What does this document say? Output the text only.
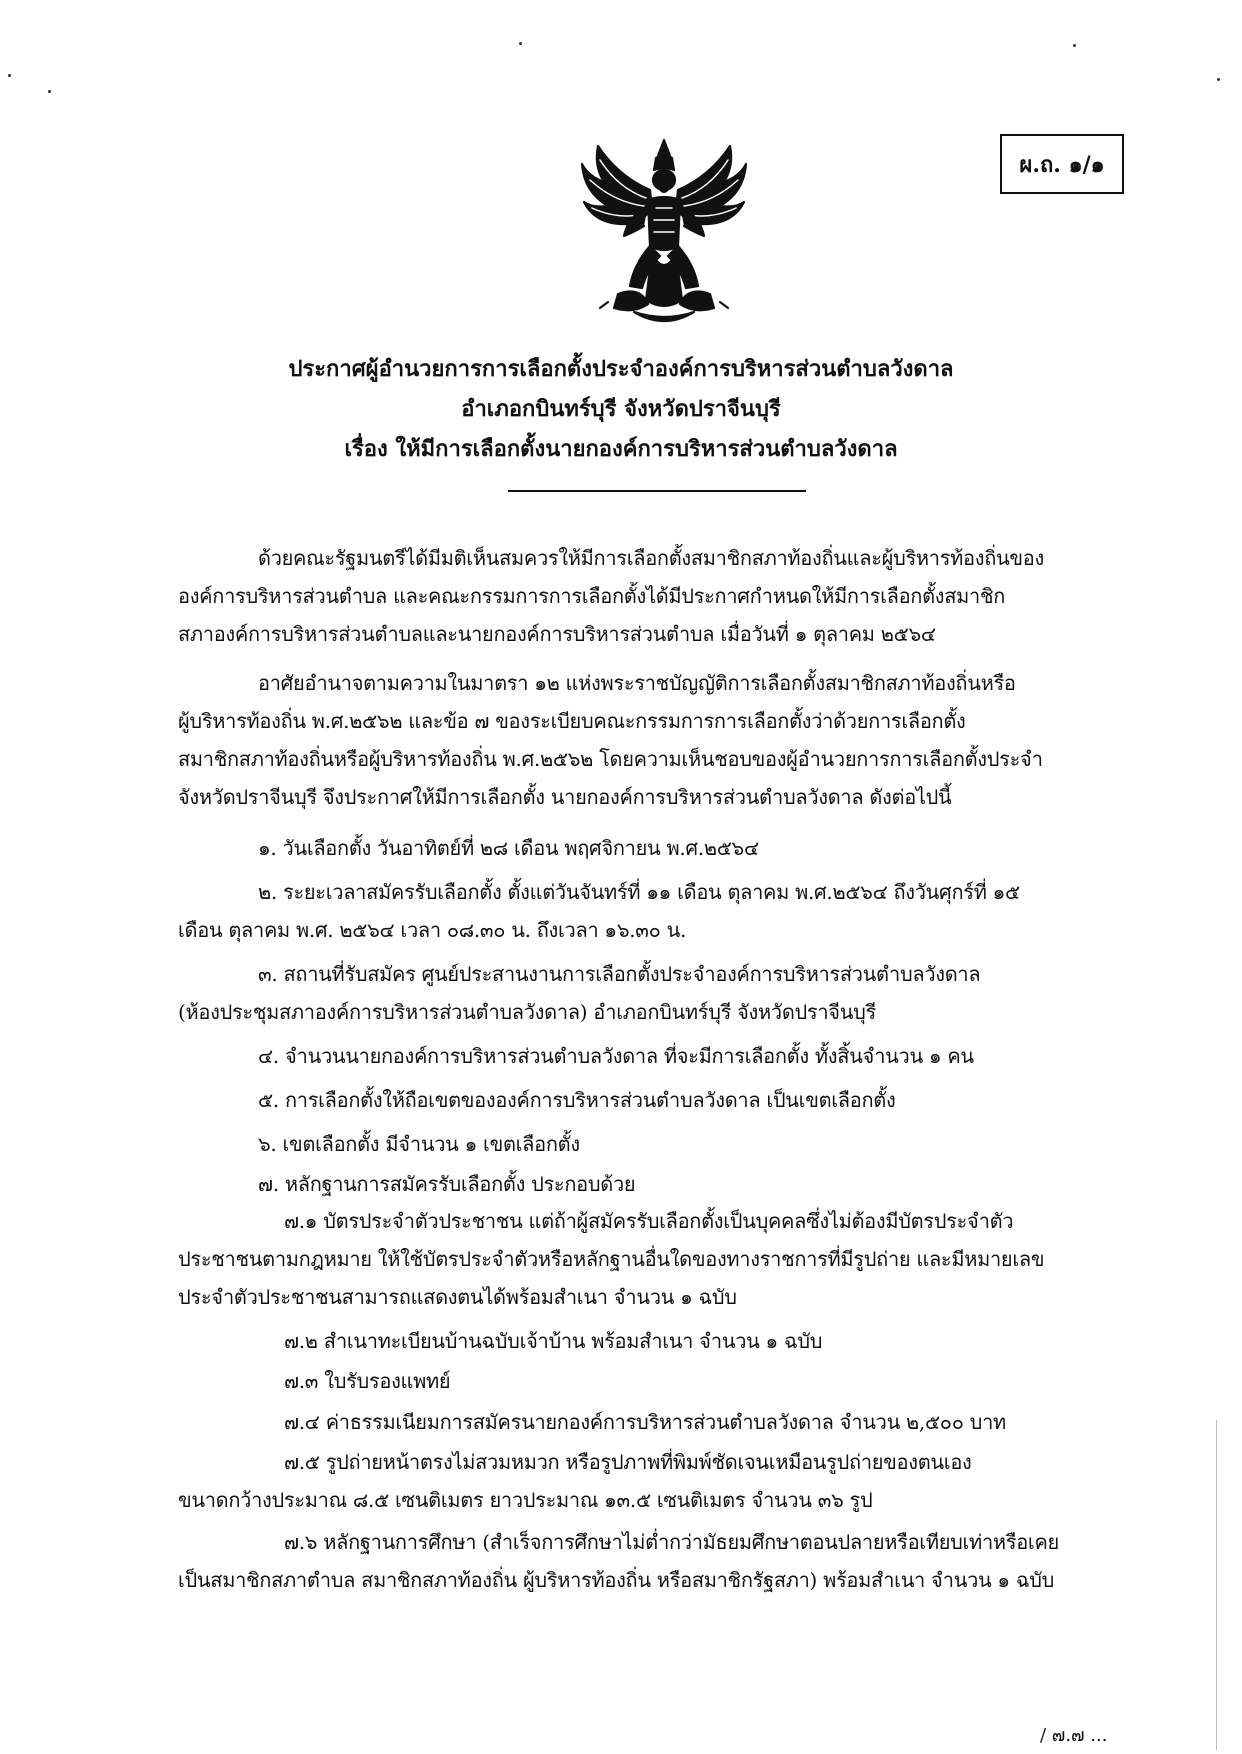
ผ.ถ. ๑/๑
ประกาศผู้อำนวยการการเลือกตั้งประจำองค์การบริหารส่วนตำบลวังดาล
อำเภอกบินทร์บุรี จังหวัดปราจีนบุรี
เรื่อง ให้มีการเลือกตั้งนายกองค์การบริหารส่วนตำบลวังดาล
ด้วยคณะรัฐมนตรีได้มีมติเห็นสมควรให้มีการเลือกตั้งสมาชิกสภาท้องถิ่นและผู้บริหารท้องถิ่นของ
องค์การบริหารส่วนตำบล และคณะกรรมการการเลือกตั้งได้มีประกาศกำหนดให้มีการเลือกตั้งสมาชิก
สภาองค์การบริหารส่วนตำบลและนายกองค์การบริหารส่วนตำบล เมื่อวันที่ ๑ ตุลาคม ๒๕๖๔
อาศัยอำนาจตามความในมาตรา ๑๒ แห่งพระราชบัญญัติการเลือกตั้งสมาชิกสภาท้องถิ่นหรือ
ผู้บริหารท้องถิ่น พ.ศ.๒๕๖๒ และข้อ ๗ ของระเบียบคณะกรรมการการเลือกตั้งว่าด้วยการเลือกตั้ง
สมาชิกสภาท้องถิ่นหรือผู้บริหารท้องถิ่น พ.ศ.๒๕๖๒ โดยความเห็นชอบของผู้อำนวยการการเลือกตั้งประจำ
จังหวัดปราจีนบุรี จึงประกาศให้มีการเลือกตั้ง นายกองค์การบริหารส่วนตำบลวังดาล ดังต่อไปนี้
๑. วันเลือกตั้ง วันอาทิตย์ที่ ๒๘ เดือน พฤศจิกายน พ.ศ.๒๕๖๔
๒. ระยะเวลาสมัครรับเลือกตั้ง ตั้งแต่วันจันทร์ที่ ๑๑ เดือน ตุลาคม พ.ศ.๒๕๖๔ ถึงวันศุกร์ที่ ๑๕
เดือน ตุลาคม พ.ศ. ๒๕๖๔ เวลา ๐๘.๓๐ น. ถึงเวลา ๑๖.๓๐ น.
๓. สถานที่รับสมัคร ศูนย์ประสานงานการเลือกตั้งประจำองค์การบริหารส่วนตำบลวังดาล
(ห้องประชุมสภาองค์การบริหารส่วนตำบลวังดาล) อำเภอกบินทร์บุรี จังหวัดปราจีนบุรี
๔. จำนวนนายกองค์การบริหารส่วนตำบลวังดาล ที่จะมีการเลือกตั้ง ทั้งสิ้นจำนวน ๑ คน
๕. การเลือกตั้งให้ถือเขตขององค์การบริหารส่วนตำบลวังดาล เป็นเขตเลือกตั้ง
๖. เขตเลือกตั้ง มีจำนวน ๑ เขตเลือกตั้ง
๗. หลักฐานการสมัครรับเลือกตั้ง ประกอบด้วย
๗.๑ บัตรประจำตัวประชาชน แต่ถ้าผู้สมัครรับเลือกตั้งเป็นบุคคลซึ่งไม่ต้องมีบัตรประจำตัว
ประชาชนตามกฎหมาย ให้ใช้บัตรประจำตัวหรือหลักฐานอื่นใดของทางราชการที่มีรูปถ่าย และมีหมายเลข
ประจำตัวประชาชนสามารถแสดงตนได้พร้อมสำเนา จำนวน ๑ ฉบับ
๗.๒ สำเนาทะเบียนบ้านฉบับเจ้าบ้าน พร้อมสำเนา จำนวน ๑ ฉบับ
๗.๓ ใบรับรองแพทย์
๗.๔ ค่าธรรมเนียมการสมัครนายกองค์การบริหารส่วนตำบลวังดาล จำนวน ๒,๕๐๐ บาท
๗.๕ รูปถ่ายหน้าตรงไม่สวมหมวก หรือรูปภาพที่พิมพ์ชัดเจนเหมือนรูปถ่ายของตนเอง
ขนาดกว้างประมาณ ๘.๕ เซนติเมตร ยาวประมาณ ๑๓.๕ เซนติเมตร จำนวน ๓๖ รูป
๗.๖ หลักฐานการศึกษา (สำเร็จการศึกษาไม่ต่ำกว่ามัธยมศึกษาตอนปลายหรือเทียบเท่าหรือเคย
เป็นสมาชิกสภาตำบล สมาชิกสภาท้องถิ่น ผู้บริหารท้องถิ่น หรือสมาชิกรัฐสภา) พร้อมสำเนา จำนวน ๑ ฉบับ
/ ๗.๗ ...
